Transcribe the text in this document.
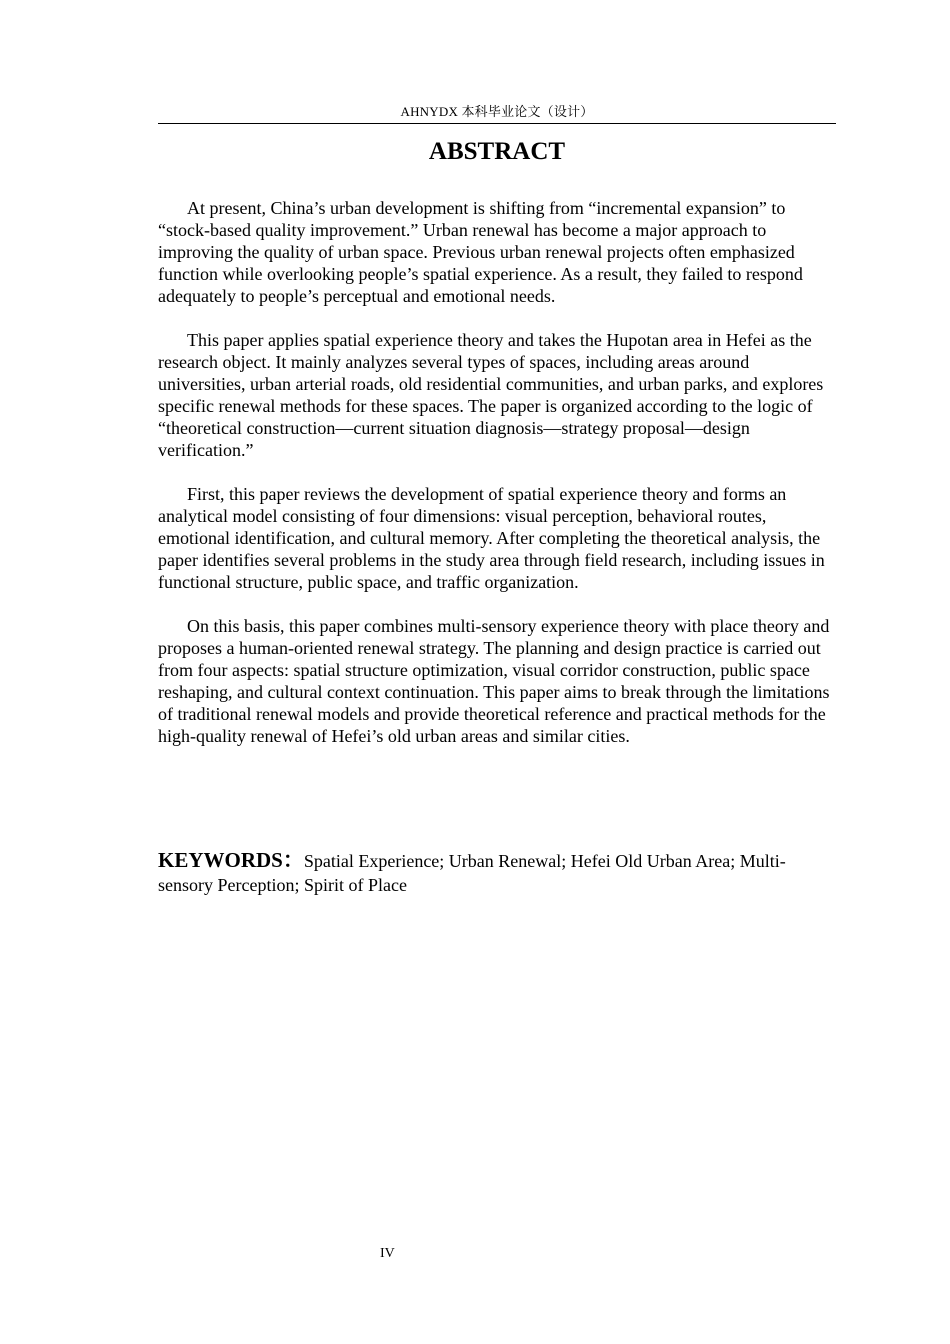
AHNYDX 本科毕业论文（设计）
ABSTRACT

At present, China’s urban development is shifting from “incremental expansion” to “stock-based quality improvement.” Urban renewal has become a major approach to improving the quality of urban space. Previous urban renewal projects often emphasized function while overlooking people’s spatial experience. As a result, they failed to respond adequately to people’s perceptual and emotional needs.

This paper applies spatial experience theory and takes the Hupotan area in Hefei as the research object. It mainly analyzes several types of spaces, including areas around universities, urban arterial roads, old residential communities, and urban parks, and explores specific renewal methods for these spaces. The paper is organized according to the logic of “theoretical construction—current situation diagnosis—strategy proposal—design verification.”

First, this paper reviews the development of spatial experience theory and forms an analytical model consisting of four dimensions: visual perception, behavioral routes, emotional identification, and cultural memory. After completing the theoretical analysis, the paper identifies several problems in the study area through field research, including issues in functional structure, public space, and traffic organization.

On this basis, this paper combines multi-sensory experience theory with place theory and proposes a human-oriented renewal strategy. The planning and design practice is carried out from four aspects: spatial structure optimization, visual corridor construction, public space reshaping, and cultural context continuation. This paper aims to break through the limitations of traditional renewal models and provide theoretical reference and practical methods for the high-quality renewal of Hefei’s old urban areas and similar cities.

KEYWORDS：Spatial Experience; Urban Renewal; Hefei Old Urban Area; Multi-sensory Perception; Spirit of Place
IV
